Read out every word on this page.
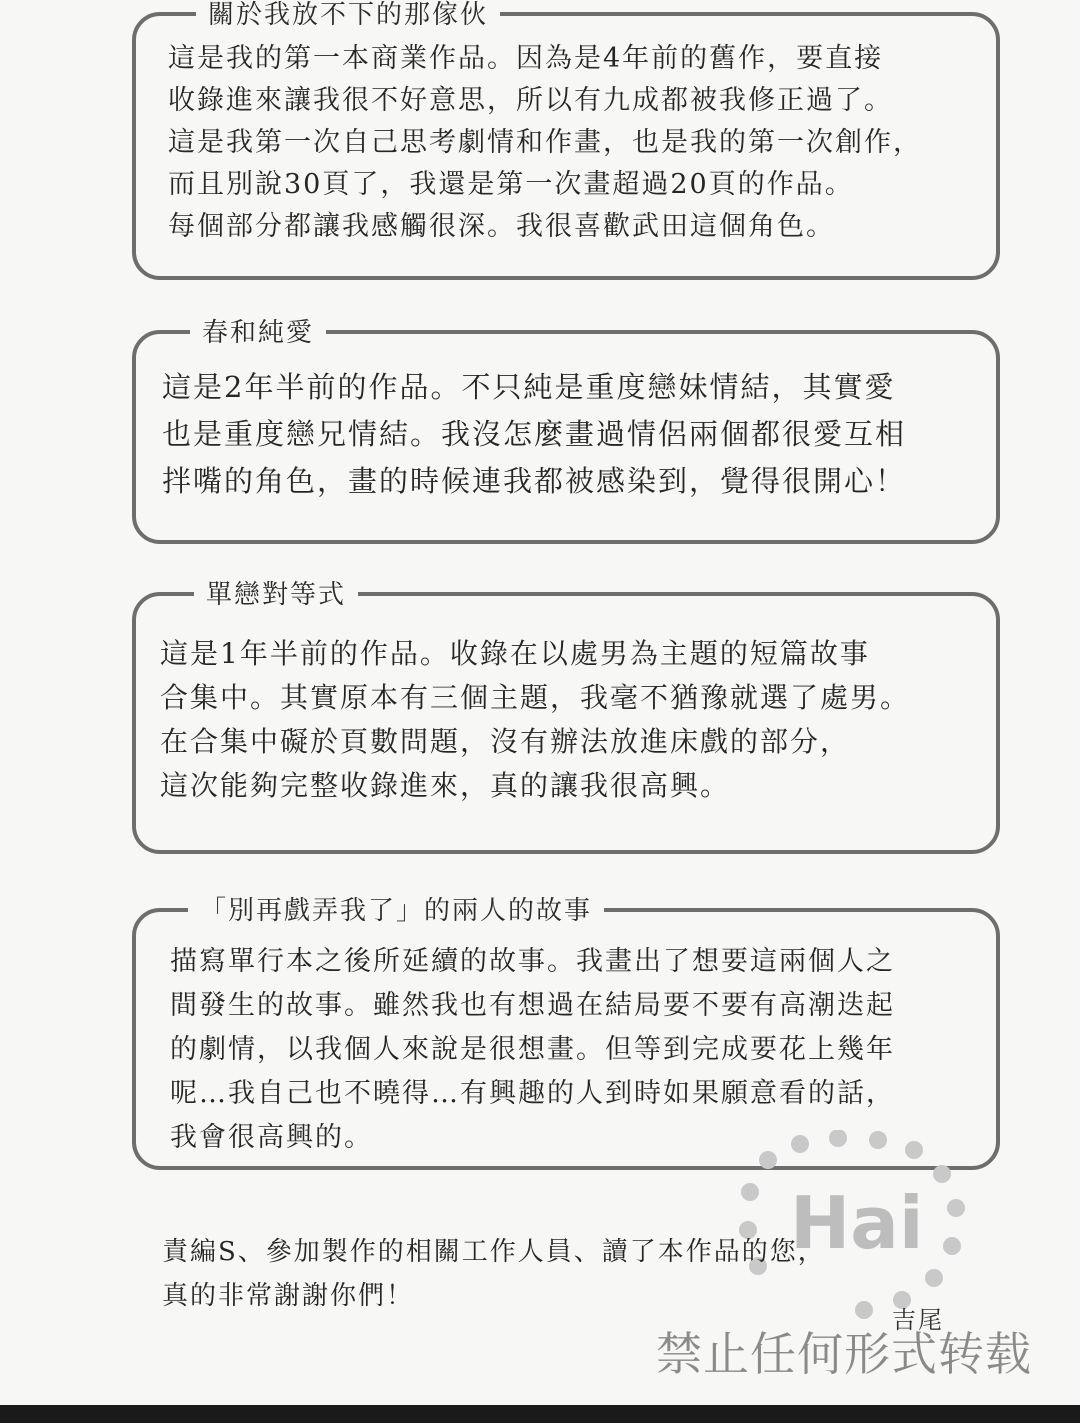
關於我放不下的那傢伙
這是我的第一本商業作品。因為是4年前的舊作，要直接
收錄進來讓我很不好意思，所以有九成都被我修正過了。
這是我第一次自己思考劇情和作畫，也是我的第一次創作，
而且別說30頁了，我還是第一次畫超過20頁的作品。
每個部分都讓我感觸很深。我很喜歡武田這個角色。
春和純愛
這是2年半前的作品。不只純是重度戀妹情結，其實愛
也是重度戀兄情結。我沒怎麼畫過情侶兩個都很愛互相
拌嘴的角色，畫的時候連我都被感染到，覺得很開心！
單戀對等式
這是1年半前的作品。收錄在以處男為主題的短篇故事
合集中。其實原本有三個主題，我毫不猶豫就選了處男。
在合集中礙於頁數問題，沒有辦法放進床戲的部分，
這次能夠完整收錄進來，真的讓我很高興。
「別再戲弄我了」的兩人的故事
描寫單行本之後所延續的故事。我畫出了想要這兩個人之
間發生的故事。雖然我也有想過在結局要不要有高潮迭起
的劇情，以我個人來說是很想畫。但等到完成要花上幾年
呢…我自己也不曉得…有興趣的人到時如果願意看的話，
我會很高興的。
Hai
責編S、參加製作的相關工作人員、讀了本作品的您，
真的非常謝謝你們！
吉尾
禁止任何形式转载
